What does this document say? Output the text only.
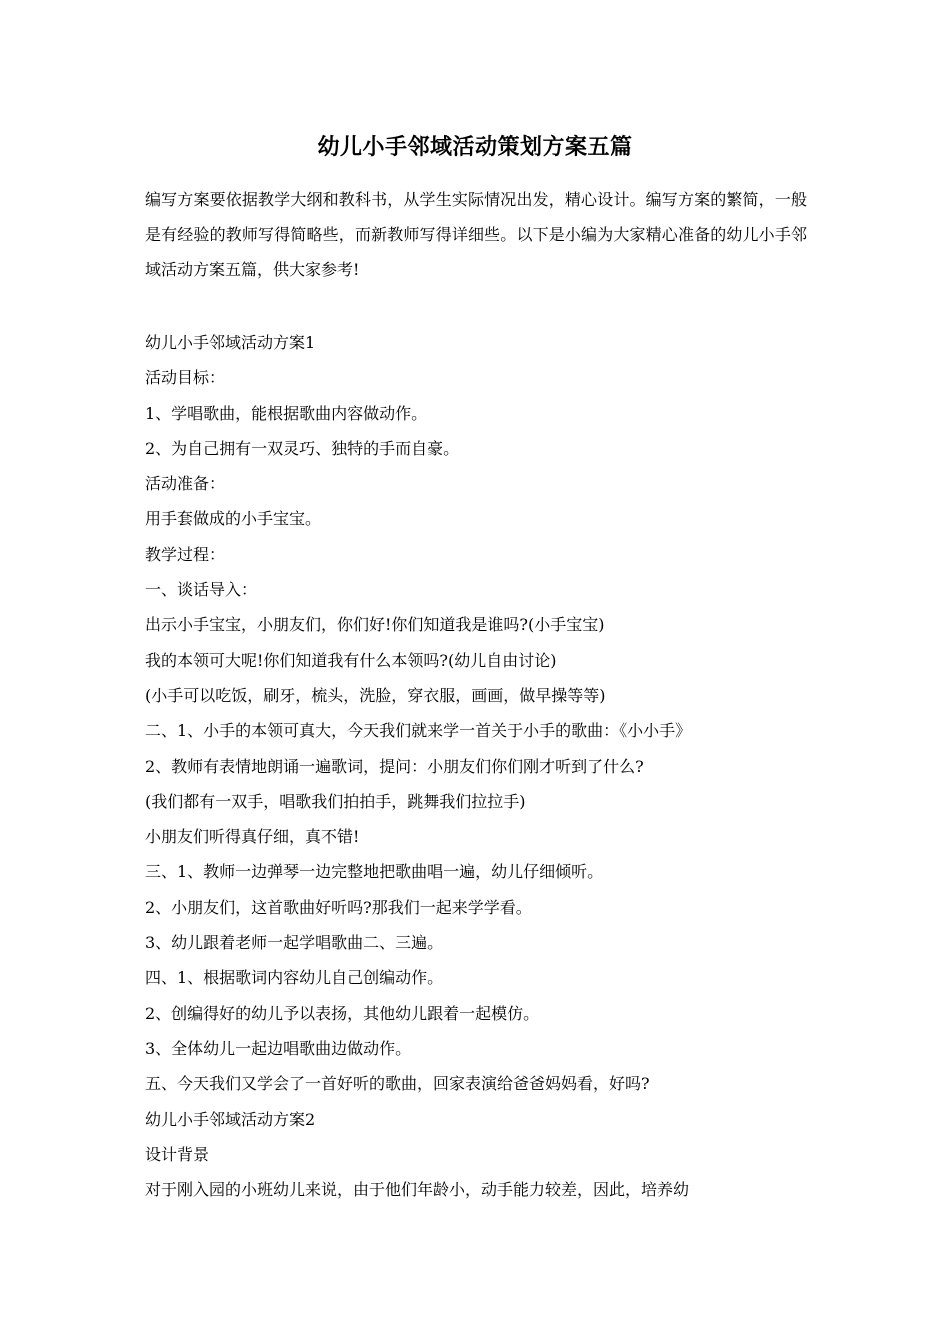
幼儿小手邻域活动策划方案五篇

编写方案要依据教学大纲和教科书，从学生实际情况出发，精心设计。编写方案的繁简，一般是有经验的教师写得简略些，而新教师写得详细些。以下是小编为大家精心准备的幼儿小手邻域活动方案五篇，供大家参考!

幼儿小手邻域活动方案1
活动目标：
1、学唱歌曲，能根据歌曲内容做动作。
2、为自己拥有一双灵巧、独特的手而自豪。
活动准备：
用手套做成的小手宝宝。
教学过程：
一、谈话导入：
出示小手宝宝，小朋友们，你们好!你们知道我是谁吗?(小手宝宝)
我的本领可大呢!你们知道我有什么本领吗?(幼儿自由讨论)
(小手可以吃饭，刷牙，梳头，洗脸，穿衣服，画画，做早操等等)
二、1、小手的本领可真大，今天我们就来学一首关于小手的歌曲：《小小手》
2、教师有表情地朗诵一遍歌词，提问：小朋友们你们刚才听到了什么?
(我们都有一双手，唱歌我们拍拍手，跳舞我们拉拉手)
小朋友们听得真仔细，真不错!
三、1、教师一边弹琴一边完整地把歌曲唱一遍，幼儿仔细倾听。
2、小朋友们，这首歌曲好听吗?那我们一起来学学看。
3、幼儿跟着老师一起学唱歌曲二、三遍。
四、1、根据歌词内容幼儿自己创编动作。
2、创编得好的幼儿予以表扬，其他幼儿跟着一起模仿。
3、全体幼儿一起边唱歌曲边做动作。
五、今天我们又学会了一首好听的歌曲，回家表演给爸爸妈妈看，好吗?
幼儿小手邻域活动方案2
设计背景
对于刚入园的小班幼儿来说，由于他们年龄小，动手能力较差，因此，培养幼
